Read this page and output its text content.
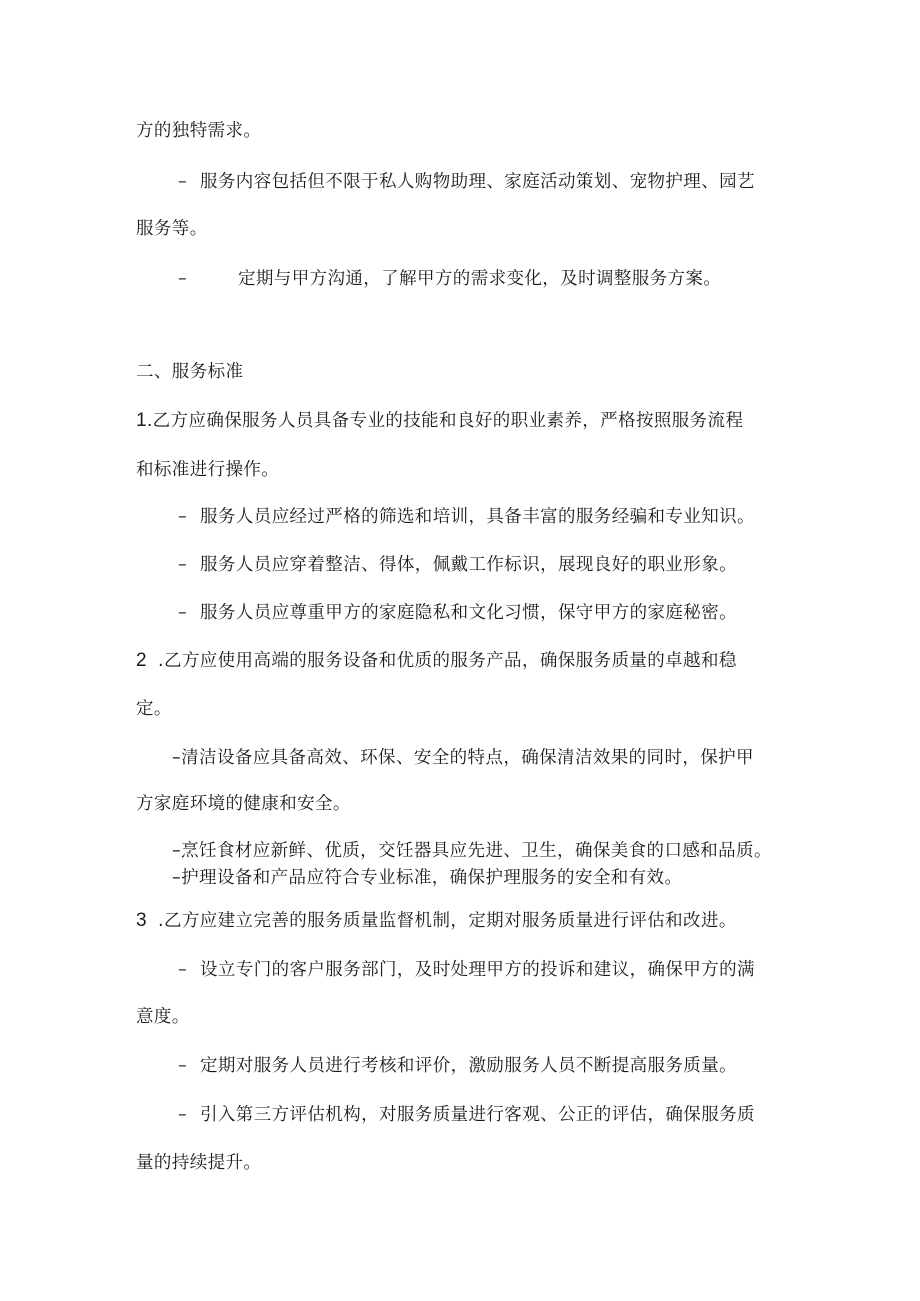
方的独特需求。
– 服务内容包括但不限于私人购物助理、家庭活动策划、宠物护理、园艺
服务等。
–	定期与甲方沟通，了解甲方的需求变化，及时调整服务方案。
二、服务标准
1.乙方应确保服务人员具备专业的技能和良好的职业素养，严格按照服务流程
和标准进行操作。
– 服务人员应经过严格的筛选和培训，具备丰富的服务经骗和专业知识。
– 服务人员应穿着整洁、得体，佩戴工作标识，展现良好的职业形象。
– 服务人员应尊重甲方的家庭隐私和文化习惯，保守甲方的家庭秘密。
2 .乙方应使用高端的服务设备和优质的服务产品，确保服务质量的卓越和稳
定。
–清洁设备应具备高效、环保、安全的特点，确保清洁效果的同时，保护甲
方家庭环境的健康和安全。
–烹饪食材应新鲜、优质，交饪器具应先进、卫生，确保美食的口感和品质。
–护理设备和产品应符合专业标准，确保护理服务的安全和有效。
3 .乙方应建立完善的服务质量监督机制，定期对服务质量进行评估和改进。
– 设立专门的客户服务部门，及时处理甲方的投诉和建议，确保甲方的满
意度。
– 定期对服务人员进行考核和评价，激励服务人员不断提高服务质量。
– 引入第三方评估机构，对服务质量进行客观、公正的评估，确保服务质
量的持续提升。
